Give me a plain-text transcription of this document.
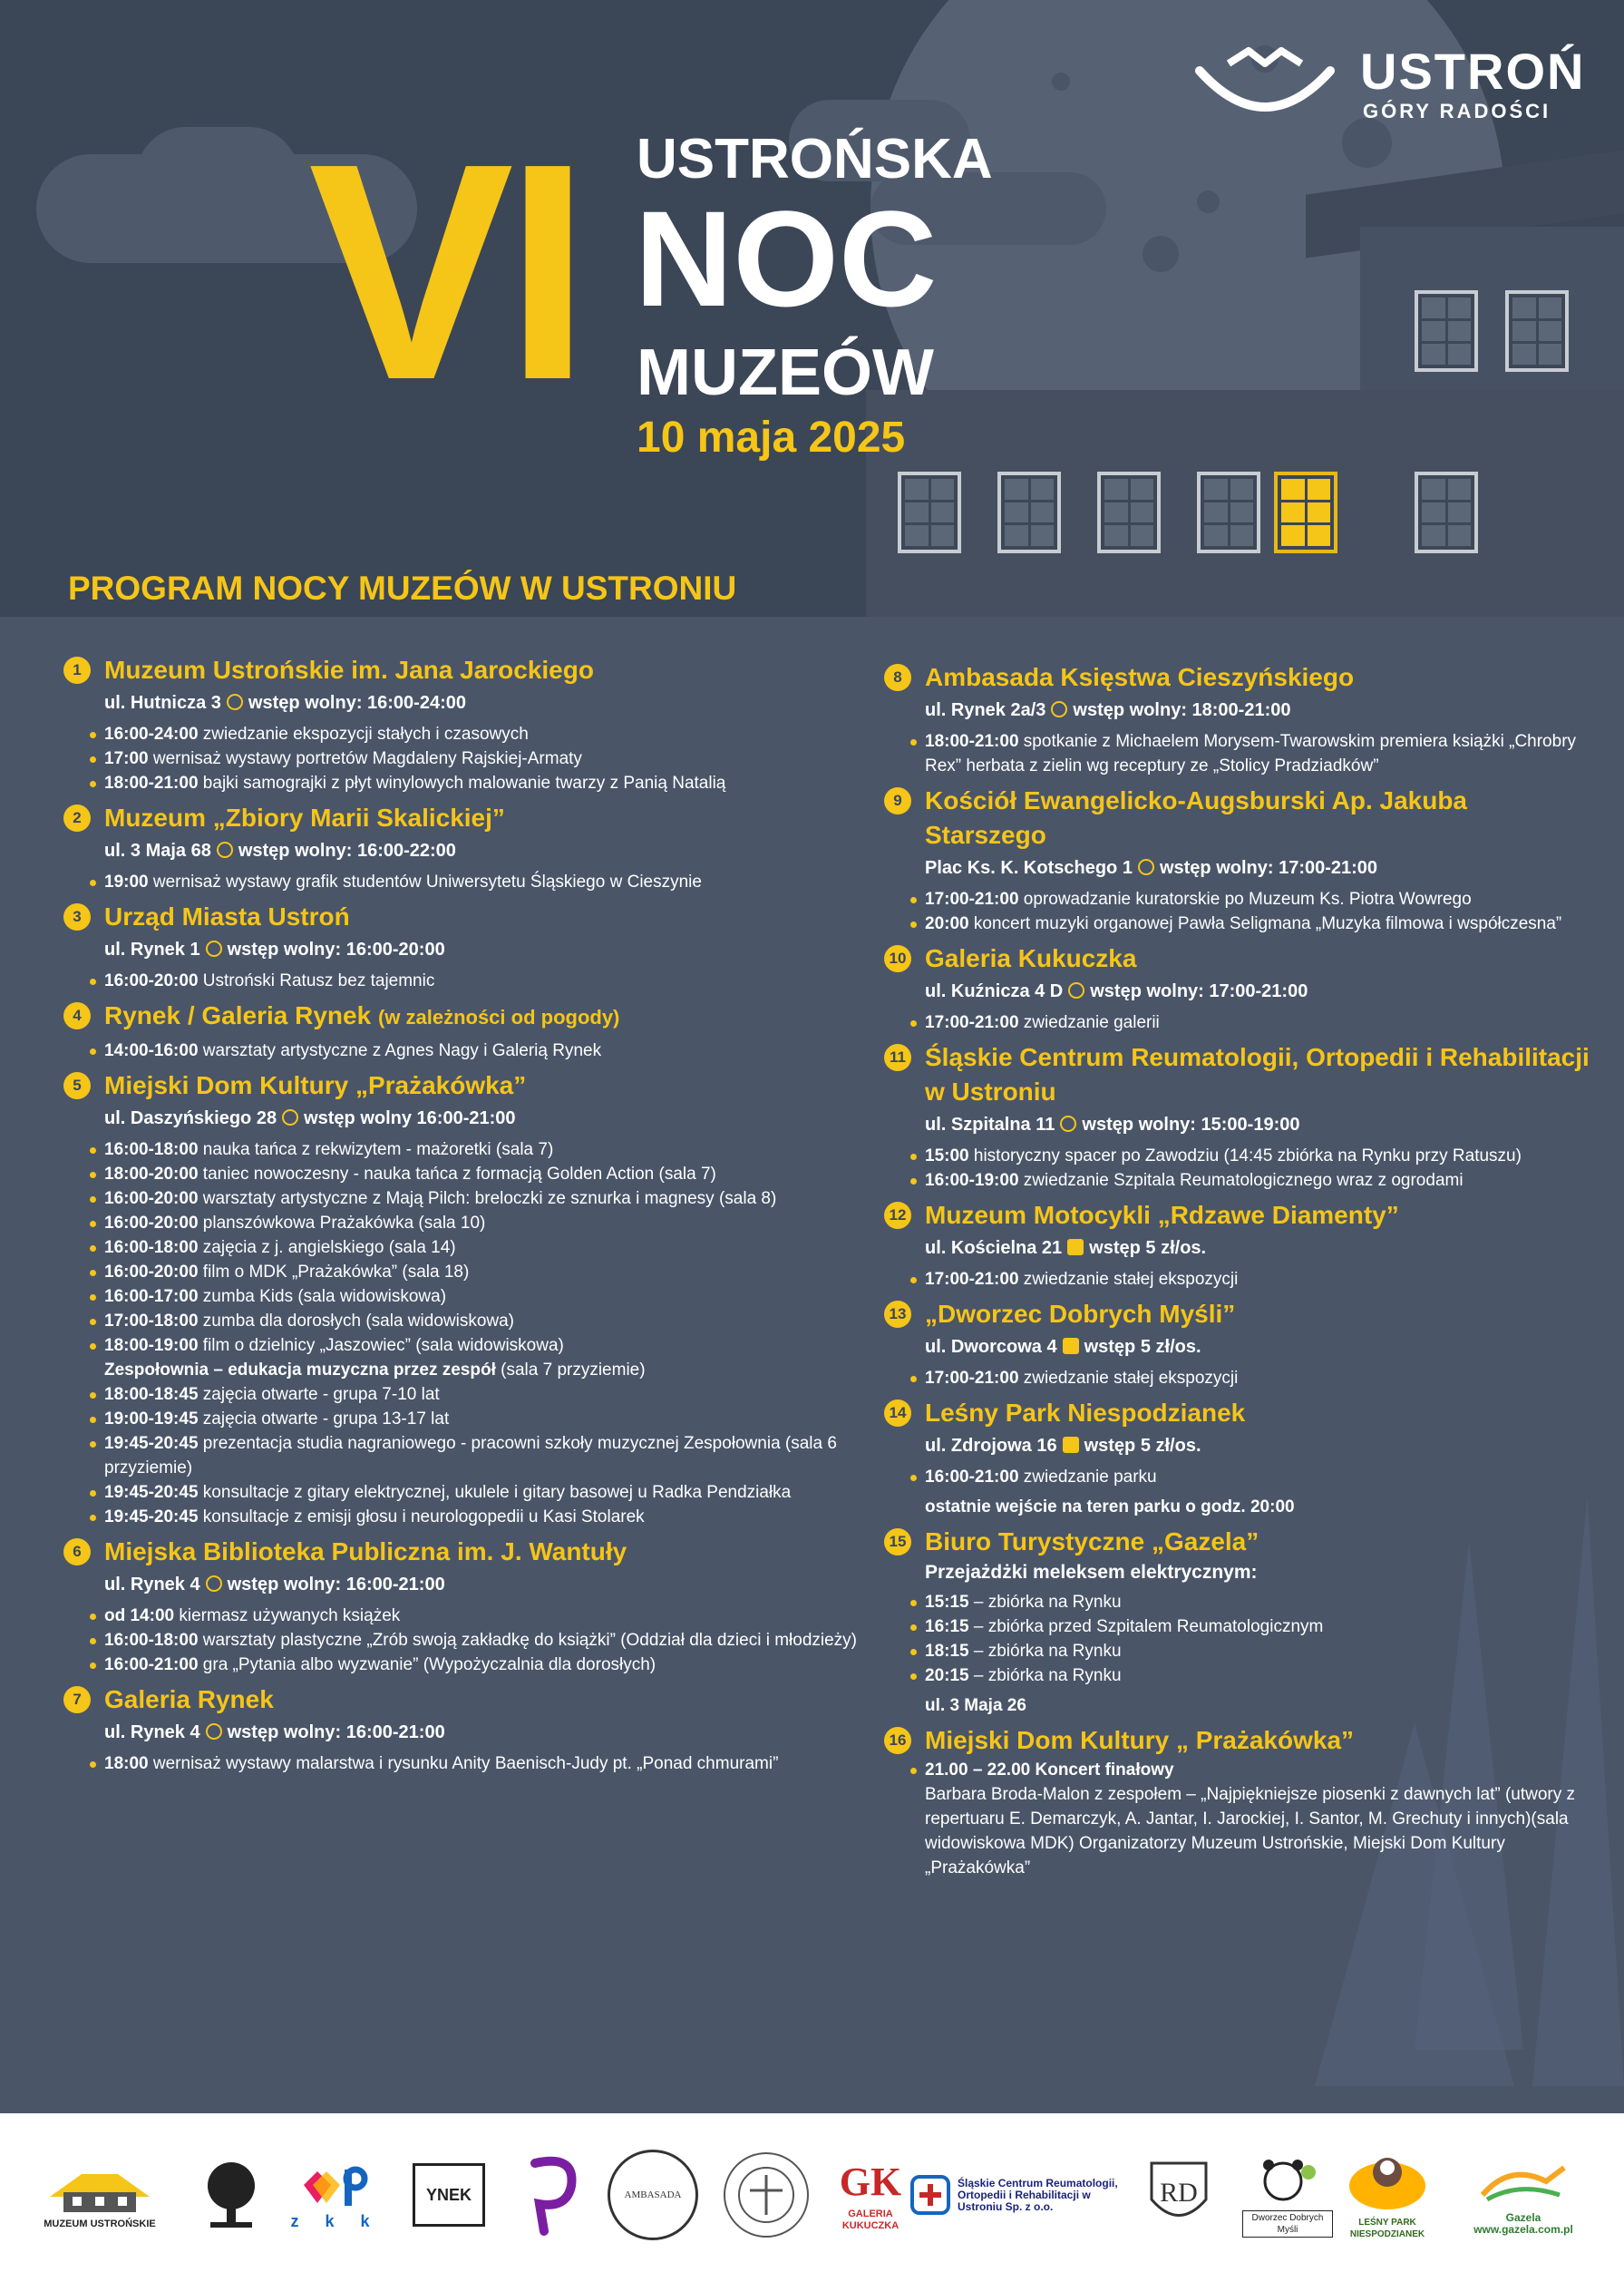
USTROŃ
GÓRY RADOŚCI
VI USTROŃSKA
NOC
MUZEÓW
10 maja 2025
PROGRAM NOCY MUZEÓW W USTRONIU
1 Muzeum Ustrońskie im. Jana Jarockiego
ul. Hutnicza 3 wstęp wolny: 16:00-24:00
16:00-24:00 zwiedzanie ekspozycji stałych i czasowych
17:00 wernisaż wystawy portretów Magdaleny Rajskiej-Armaty
18:00-21:00 bajki samograjki z płyt winylowych malowanie twarzy z Panią Natalią
2 Muzeum „Zbiory Marii Skalickiej”
ul. 3 Maja 68 wstęp wolny: 16:00-22:00
19:00 wernisaż wystawy grafik studentów Uniwersytetu Śląskiego w Cieszynie
3 Urząd Miasta Ustroń
ul. Rynek 1 wstęp wolny: 16:00-20:00
16:00-20:00 Ustroński Ratusz bez tajemnic
4 Rynek / Galeria Rynek (w zależności od pogody)
14:00-16:00 warsztaty artystyczne z Agnes Nagy i Galerią Rynek
5 Miejski Dom Kultury „Prażakówka”
ul. Daszyńskiego 28 wstęp wolny 16:00-21:00
16:00-18:00 nauka tańca z rekwizytem - mażoretki (sala 7)
18:00-20:00 taniec nowoczesny - nauka tańca z formacją Golden Action (sala 7)
16:00-20:00 warsztaty artystyczne z Mają Pilch: breloczki ze sznurka i magnesy (sala 8)
16:00-20:00 planszówkowa Prażakówka (sala 10)
16:00-18:00 zajęcia z j. angielskiego (sala 14)
16:00-20:00 film o MDK „Prażakówka” (sala 18)
16:00-17:00 zumba Kids (sala widowiskowa)
17:00-18:00 zumba dla dorosłych (sala widowiskowa)
18:00-19:00 film o dzielnicy „Jaszowiec” (sala widowiskowa)
Zespołownia – edukacja muzyczna przez zespół (sala 7 przyziemie)
18:00-18:45 zajęcia otwarte - grupa 7-10 lat
19:00-19:45 zajęcia otwarte - grupa 13-17 lat
19:45-20:45 prezentacja studia nagraniowego - pracowni szkoły muzycznej Zespołownia (sala 6 przyziemie)
19:45-20:45 konsultacje z gitary elektrycznej, ukulele i gitary basowej u Radka Pendziałka
19:45-20:45 konsultacje z emisji głosu i neurologopedii u Kasi Stolarek
6 Miejska Biblioteka Publiczna im. J. Wantuły
ul. Rynek 4 wstęp wolny: 16:00-21:00
od 14:00 kiermasz używanych książek
16:00-18:00 warsztaty plastyczne „Zrób swoją zakładkę do książki” (Oddział dla dzieci i młodzieży)
16:00-21:00 gra „Pytania albo wyzwanie” (Wypożyczalnia dla dorosłych)
7 Galeria Rynek
ul. Rynek 4 wstęp wolny: 16:00-21:00
18:00 wernisaż wystawy malarstwa i rysunku Anity Baenisch-Judy pt. „Ponad chmurami”
8 Ambasada Księstwa Cieszyńskiego
ul. Rynek 2a/3 wstęp wolny: 18:00-21:00
18:00-21:00 spotkanie z Michaelem Morysem-Twarowskim premiera książki „Chrobry Rex” herbata z zielin wg receptury ze „Stolicy Pradziadków”
9 Kościół Ewangelicko-Augsburski Ap. Jakuba Starszego
Plac Ks. K. Kotschego 1 wstęp wolny: 17:00-21:00
17:00-21:00 oprowadzanie kuratorskie po Muzeum Ks. Piotra Wowrego
20:00 koncert muzyki organowej Pawła Seligmana „Muzyka filmowa i współczesna”
10 Galeria Kukuczka
ul. Kuźnicza 4 D wstęp wolny: 17:00-21:00
17:00-21:00 zwiedzanie galerii
11 Śląskie Centrum Reumatologii, Ortopedii i Rehabilitacji w Ustroniu
ul. Szpitalna 11 wstęp wolny: 15:00-19:00
15:00 historyczny spacer po Zawodziu (14:45 zbiórka na Rynku przy Ratuszu)
16:00-19:00 zwiedzanie Szpitala Reumatologicznego wraz z ogrodami
12 Muzeum Motocykli „Rdzawe Diamenty”
ul. Kościelna 21 wstęp 5 zł/os.
17:00-21:00 zwiedzanie stałej ekspozycji
13 „Dworzec Dobrych Myśli”
ul. Dworcowa 4 wstęp 5 zł/os.
17:00-21:00 zwiedzanie stałej ekspozycji
14 Leśny Park Niespodzianek
ul. Zdrojowa 16 wstęp 5 zł/os.
16:00-21:00 zwiedzanie parku
ostatnie wejście na teren parku o godz. 20:00
15 Biuro Turystyczne „Gazela”
Przejażdżki meleksem elektrycznym:
15:15 – zbiórka na Rynku
16:15 – zbiórka przed Szpitalem Reumatologicznym
18:15 – zbiórka na Rynku
20:15 – zbiórka na Rynku
ul. 3 Maja 26
16 Miejski Dom Kultury „ Prażakówka”
21.00 – 22.00 Koncert finałowy
Barbara Broda-Malon z zespołem – „Najpiękniejsze piosenki z dawnych lat” (utwory z repertuaru E. Demarczyk, A. Jantar, I. Jarockiej, I. Santor, M. Grechuty i innych)(sala widowiskowa MDK) Organizatorzy Muzeum Ustrońskie, Miejski Dom Kultury „Prażakówka”
MUZEUM USTROŃSKIE	z k k
YNEK	AMBASADA	GK
GALERIA KUKUCZKA
Śląskie Centrum Reumatologii, Ortopedii i Rehabilitacji w Ustroniu Sp. z o.o.	RD
Dworzec Dobrych Myśli
LEŚNY PARK NIESPODZIANEK
Gazela www.gazela.com.pl
